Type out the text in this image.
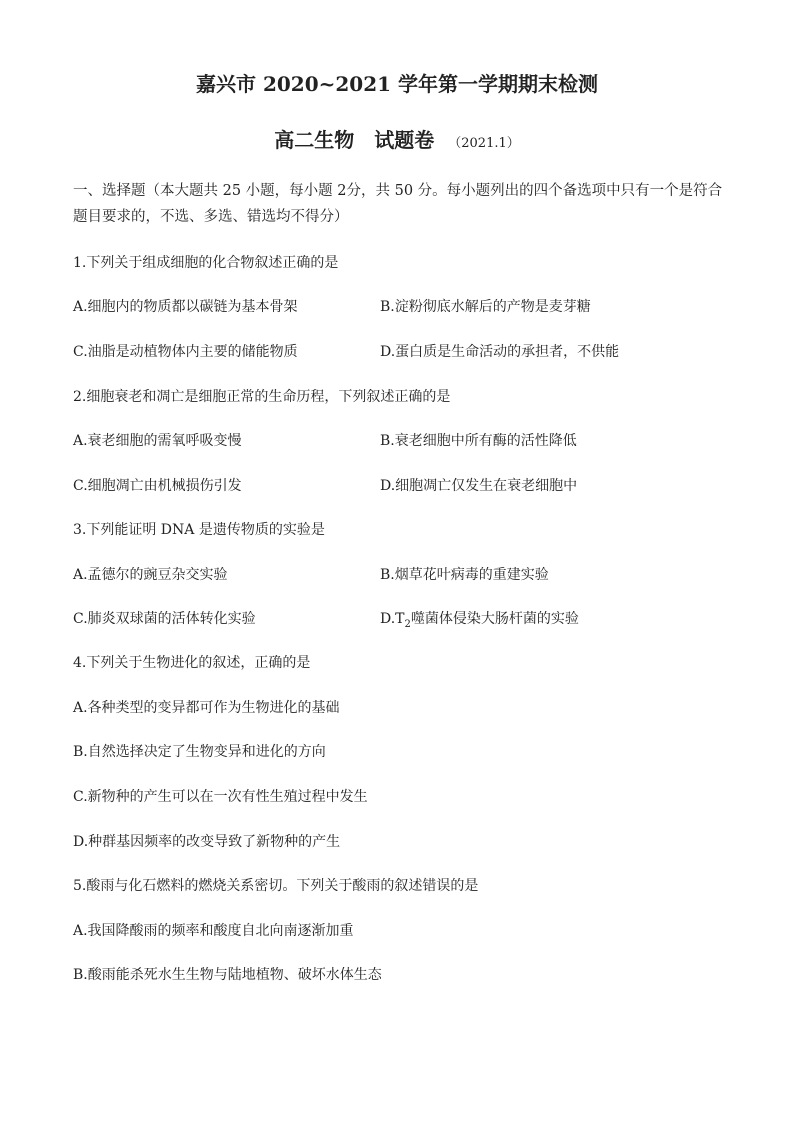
嘉兴市 2020~2021 学年第一学期期末检测
高二生物　试题卷 （2021.1）
一、选择题（本大题共 25 小题，每小题 2分，共 50 分。每小题列出的四个备选项中只有一个是符合题目要求的，不选、多选、错选均不得分）
1.下列关于组成细胞的化合物叙述正确的是
A.细胞内的物质都以碳链为基本骨架	B.淀粉彻底水解后的产物是麦芽糖
C.油脂是动植物体内主要的储能物质	D.蛋白质是生命活动的承担者，不供能
2.细胞衰老和凋亡是细胞正常的生命历程，下列叙述正确的是
A.衰老细胞的需氧呼吸变慢	B.衰老细胞中所有酶的活性降低
C.细胞凋亡由机械损伤引发	D.细胞凋亡仅发生在衰老细胞中
3.下列能证明 DNA 是遗传物质的实验是
A.孟德尔的豌豆杂交实验	B.烟草花叶病毒的重建实验
C.肺炎双球菌的活体转化实验	$D.T_2$噬菌体侵染大肠杆菌的实验
4.下列关于生物进化的叙述，正确的是
A.各种类型的变异都可作为生物进化的基础
B.自然选择决定了生物变异和进化的方向
C.新物种的产生可以在一次有性生殖过程中发生
D.种群基因频率的改变导致了新物种的产生
5.酸雨与化石燃料的燃烧关系密切。下列关于酸雨的叙述错误的是
A.我国降酸雨的频率和酸度自北向南逐渐加重
B.酸雨能杀死水生生物与陆地植物、破坏水体生态
